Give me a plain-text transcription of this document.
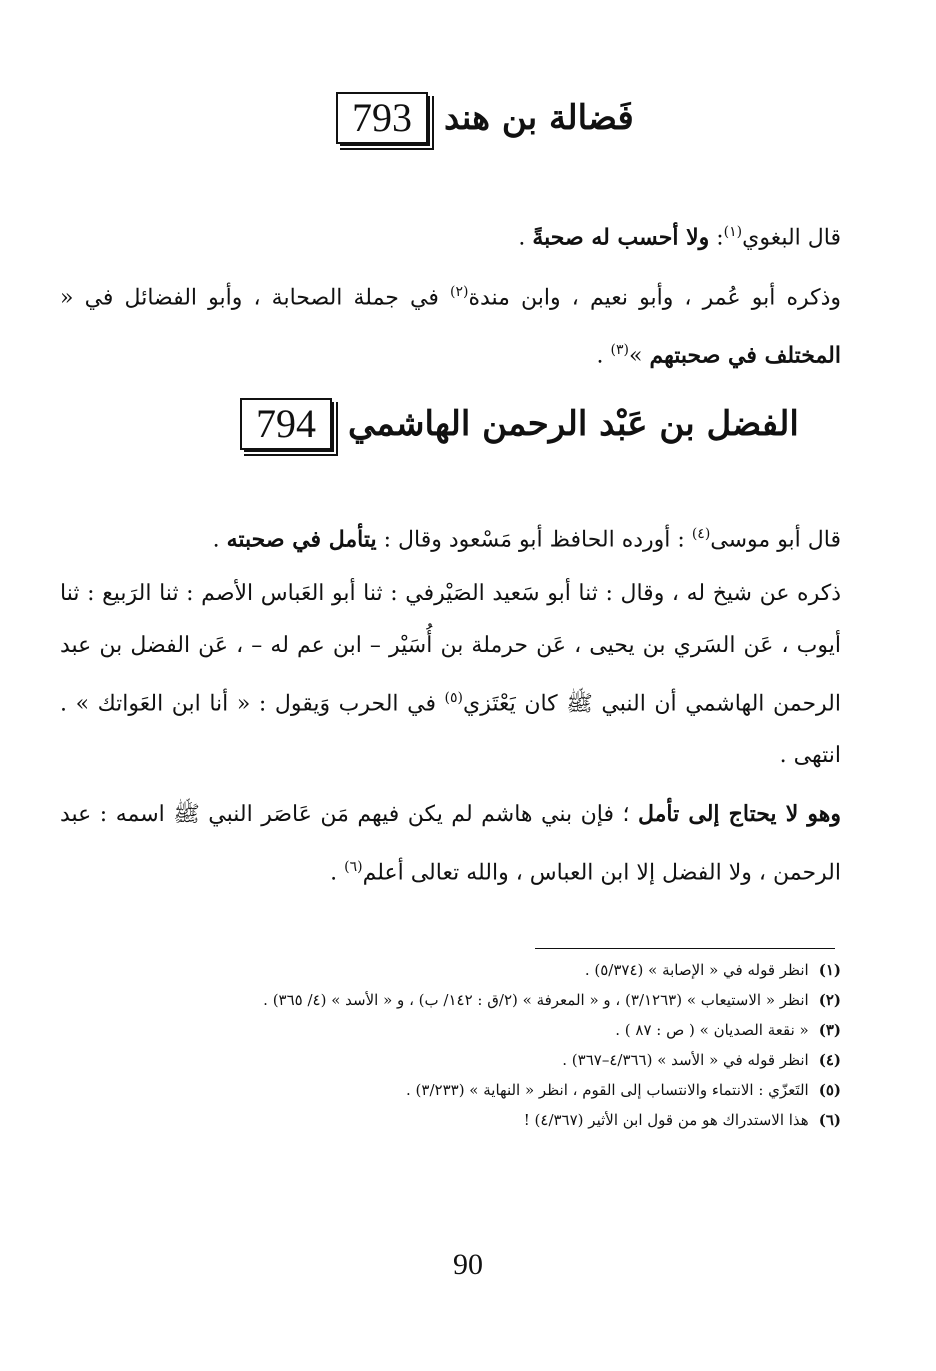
793 فَضالة بن هند
قال البغوي$^{(١)}$: ولا أحسب له صحبةً .
وذكره أبو عُمر ، وأبو نعيم ، وابن مندة$^{(٢)}$ في جملة الصحابة ، وأبو الفضائل في « المختلف في صحبتهم »$^{(٣)}$ .
794 الفضل بن عَبْد الرحمن الهاشمي
قال أبو موسى$^{(٤)}$ : أورده الحافظ أبو مَسْعود وقال : يتأمل في صحبته .
ذكره عن شيخ له ، وقال : ثنا أبو سَعيد الصَيْرفي : ثنا أبو العَباس الأصم : ثنا الرَبيع : ثنا أيوب ، عَن السَري بن يحيى ، عَن حرملة بن أُسَيْر – ابن عم له – ، عَن الفضل بن عبد الرحمن الهاشمي أن النبي ﷺ كان يَعْتَزي$^{(٥)}$ في الحرب وَيقول : « أنا ابن العَواتك » . انتهى .
وهو لا يحتاج إلى تأمل ؛ فإن بني هاشم لم يكن فيهم مَن عَاصَر النبي ﷺ اسمه : عبد الرحمن ، ولا الفضل إلا ابن العباس ، والله تعالى أعلم$^{(٦)}$ .
(١)
انظر قوله في « الإصابة » (٥/٣٧٤) .
(٢)
انظر « الاستيعاب » (٣/١٢٦٣) ، و « المعرفة » (٢/ق : ١٤٢/ ب) ، و « الأسد » (٤/ ٣٦٥) .
(٣)
« نقعة الصديان » ( ص : ٨٧ ) .
(٤)
انظر قوله في « الأسد » (٤/٣٦٦–٣٦٧) .
(٥)
التَعزّي : الانتماء والانتساب إلى القوم ، انظر « النهاية » (٣/٢٣٣) .
(٦)
هذا الاستدراك هو من قول ابن الأثير (٤/٣٦٧) !
90
